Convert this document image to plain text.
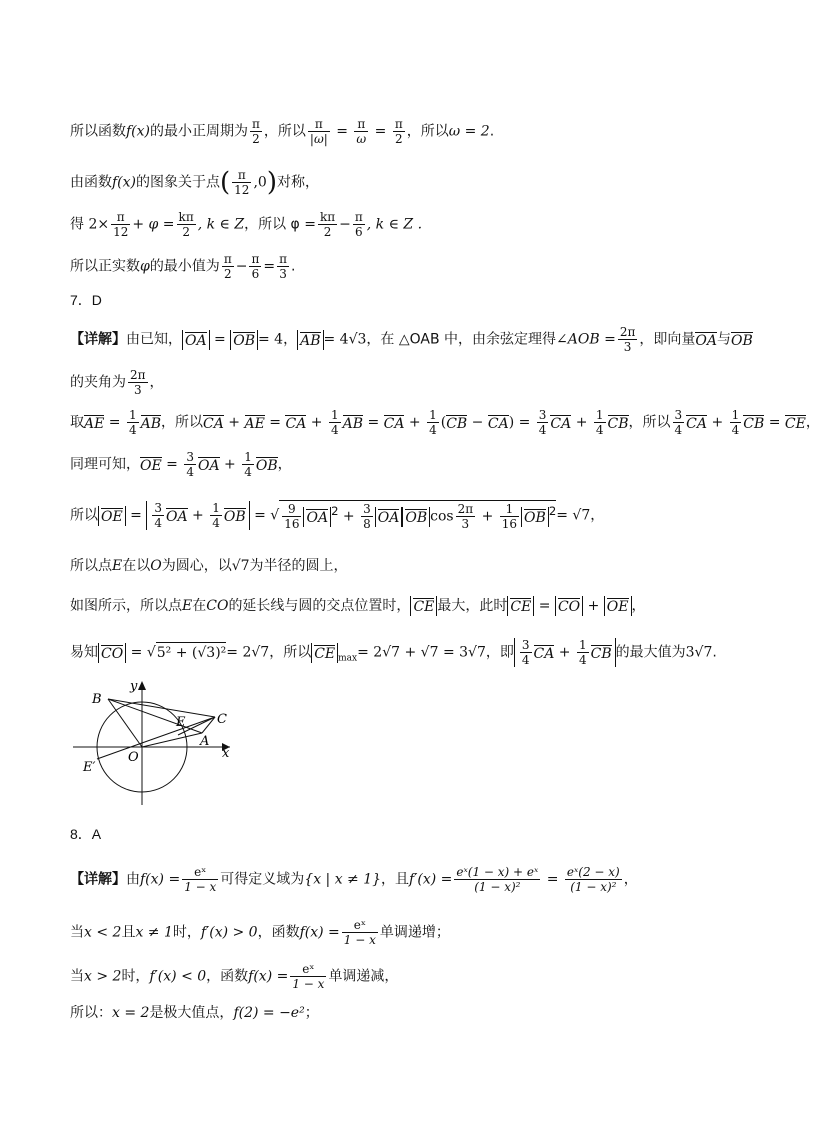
所以函数f(x)的最小正周期为 $\frac{\pi}{2}$ ，所以 $\frac{\pi}{|\omega|} = \frac{\pi}{\omega} = \frac{\pi}{2}$ ，所以ω = 2.
由函数f(x)的图象关于点( $\frac{\pi}{12} ,0$)对称，
得 $2\times \frac{\pi}{12} + \varphi = \frac{k\pi}{2}$ , k ∈ Z，所以 $\varphi = \frac{k\pi}{2} - \frac{\pi}{6}$ , k ∈ Z .
所以正实数φ的最小值为 $\frac{\pi}{2} - \frac{\pi}{6} = \frac{\pi}{3}$ .
7．D
【详解】由已知， OA = OB = 4， AB = 4√3，在 △OAB 中，由余弦定理得∠AOB = $\frac{2\pi}{3}$ ，即向量OA与OB
的夹角为 $\frac{2\pi}{3}$ ，
取AE = $\frac{1}{4}$ AB，所以CA + AE = CA + $\frac{1}{4}$ AB = CA + $\frac{1}{4} (CB - CA) = \frac{3}{4}$ CA + $\frac{1}{4}$ CB，所以 $\frac{3}{4}$ CA + $\frac{1}{4}$ CB = CE，
同理可知，OE = $\frac{3}{4}$ OA + $\frac{1}{4}$ OB，
所以 OE = $\frac{3}{4}$ OA + $\frac{1}{4}$ OB = √ $\frac{9}{16}$ OA $^2 + \frac{3}{8}$ OA OB $\cos \frac{2\pi}{3} + \frac{1}{16}$ OB $^2$= √7，
所以点E在以O为圆心，以√7为半径的圆上，
如图所示，所以点E在CO的延长线与圆的交点位置时， CE 最大，此时 CE = CO + OE ，
易知 CO = √5² + (√3)²= 2√7，所以 CE $_{max}$= 2√7 + √7 = 3√7，即 $\frac{3}{4}$ CA + $\frac{1}{4}$ CB 的最大值为3√7.
B
y
E C
A
O	x
E′
8．A
【详解】由$f(x) = \frac{\text{eˣ}}{1 - x}$ 可得定义域为{x | x ≠ 1}，且$f'(x) = \frac{\text{eˣ(1 − x) + eˣ}}{\text{(1 − x)²}} = \frac{\text{eˣ(2 − x)}}{\text{(1 − x)²}}$ ，
当x < 2且x ≠ 1时，f′(x) > 0，函数$f(x) = \frac{\text{eˣ}}{1 - x}$ 单调递增；
当x > 2时，f′(x) < 0，函数$f(x) = \frac{\text{eˣ}}{1 - x}$ 单调递减，
所以：x = 2是极大值点，f(2) = −e²；
